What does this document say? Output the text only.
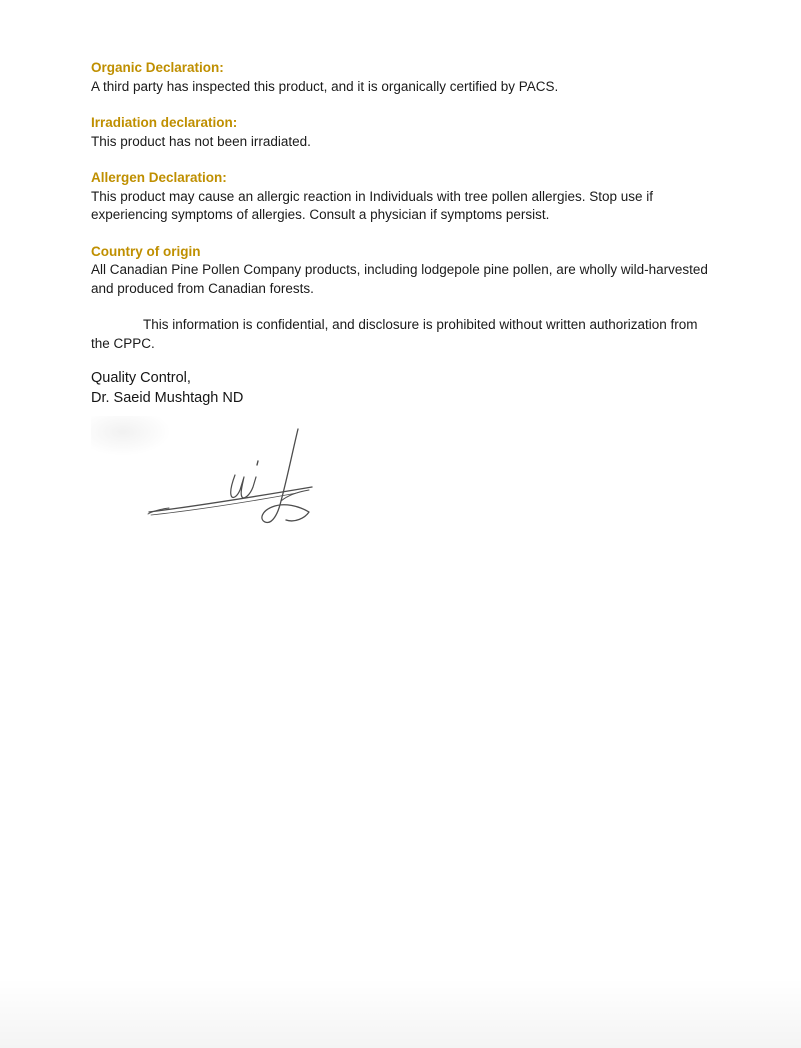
Organic Declaration:
A third party has inspected this product, and it is organically certified by PACS.
Irradiation declaration:
This product has not been irradiated.
Allergen Declaration:
This product may cause an allergic reaction in Individuals with tree pollen allergies. Stop use if
experiencing symptoms of allergies. Consult a physician if symptoms persist.
Country of origin
All Canadian Pine Pollen Company products, including lodgepole pine pollen, are wholly wild-harvested
and produced from Canadian forests.
This information is confidential, and disclosure is prohibited without written authorization from
the CPPC.
Quality Control,
Dr. Saeid Mushtagh ND
